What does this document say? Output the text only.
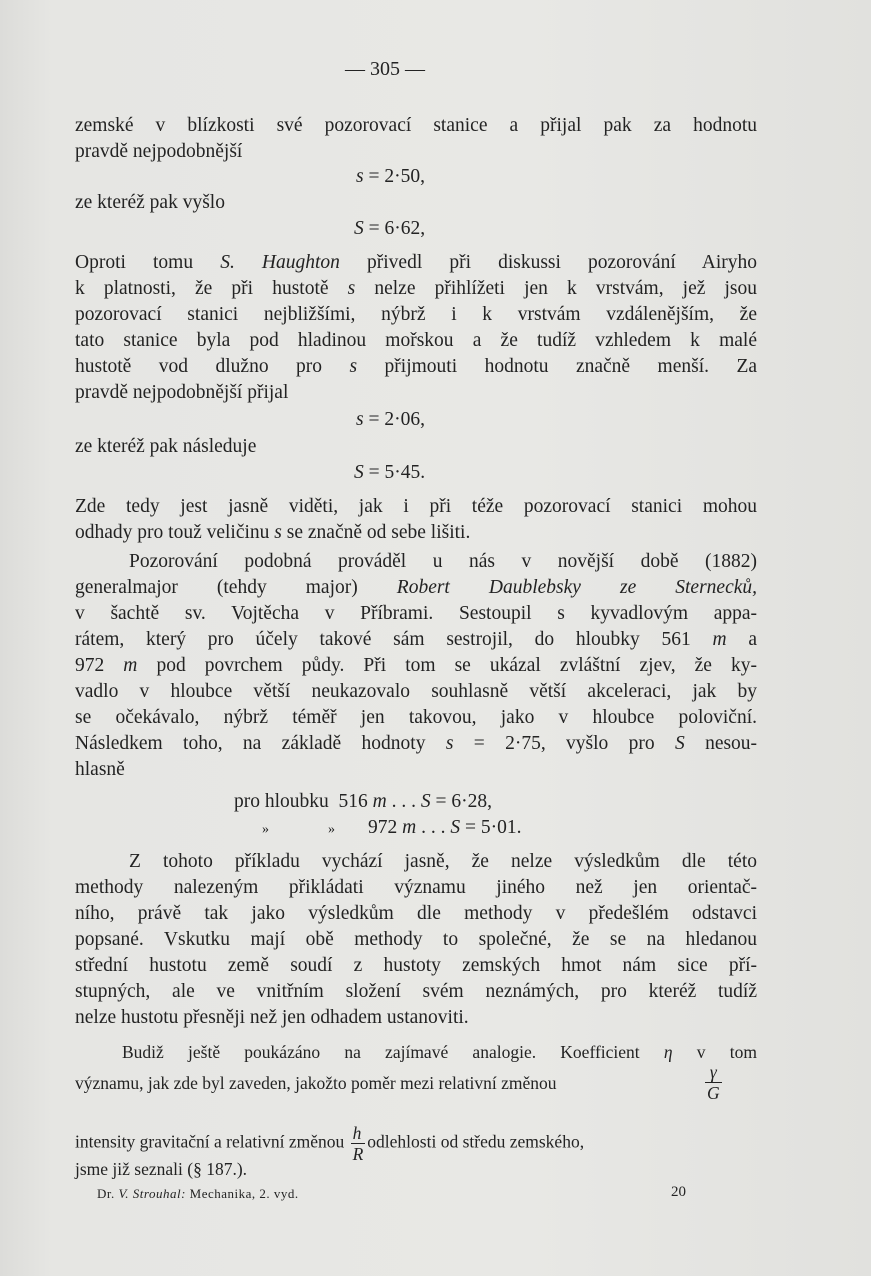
— 305 —
zemské v blízkosti své pozorovací stanice a přijal pak za hodnotu
pravdě nejpodobnější
s = 2·50,
ze kteréž pak vyšlo
S = 6·62,
Oproti tomu S. Haughton přivedl při diskussi pozorování Airyho
k platnosti, že při hustotě s nelze přihlížeti jen k vrstvám, jež jsou
pozorovací stanici nejbližšími, nýbrž i k vrstvám vzdálenějším, že
tato stanice byla pod hladinou mořskou a že tudíž vzhledem k malé
hustotě vod dlužno pro s přijmouti hodnotu značně menší. Za
pravdě nejpodobnější přijal
s = 2·06,
ze kteréž pak následuje
S = 5·45.
Zde tedy jest jasně viděti, jak i při téže pozorovací stanici mohou
odhady pro touž veličinu s se značně od sebe lišiti.
Pozorování podobná prováděl u nás v novější době (1882)
generalmajor (tehdy major) Robert Daublebsky ze Sternecků,
v šachtě sv. Vojtěcha v Příbrami. Sestoupil s kyvadlovým appa-
rátem, který pro účely takové sám sestrojil, do hloubky 561 m a
972 m pod povrchem půdy. Při tom se ukázal zvláštní zjev, že ky-
vadlo v hloubce větší neukazovalo souhlasně větší akceleraci, jak by
se očekávalo, nýbrž téměř jen takovou, jako v hloubce poloviční.
Následkem toho, na základě hodnoty s = 2·75, vyšlo pro S nesou-
hlasně
pro hloubku 516 m . . . S = 6·28,
»	» 972 m . . . S = 5·01.
Z tohoto příkladu vychází jasně, že nelze výsledkům dle této
methody nalezeným přikládati významu jiného než jen orientač-
ního, právě tak jako výsledkům dle methody v předešlém odstavci
popsané. Vskutku mají obě methody to společné, že se na hledanou
střední hustotu země soudí z hustoty zemských hmot nám sice pří-
stupných, ale ve vnitřním složení svém neznámých, pro kteréž tudíž
nelze hustotu přesněji než jen odhadem ustanoviti.
Budiž ještě poukázáno na zajímavé analogie. Koefficient η v tom
významu, jak zde byl zaveden, jakožto poměr mezi relativní změnou	$\frac{\gamma}{G}$
intensity gravitační a relativní změnou $\frac{h}{R}$ odlehlosti od středu zemského,
jsme již seznali (§ 187.).
Dr. V. Strouhal: Mechanika, 2. vyd.	20
